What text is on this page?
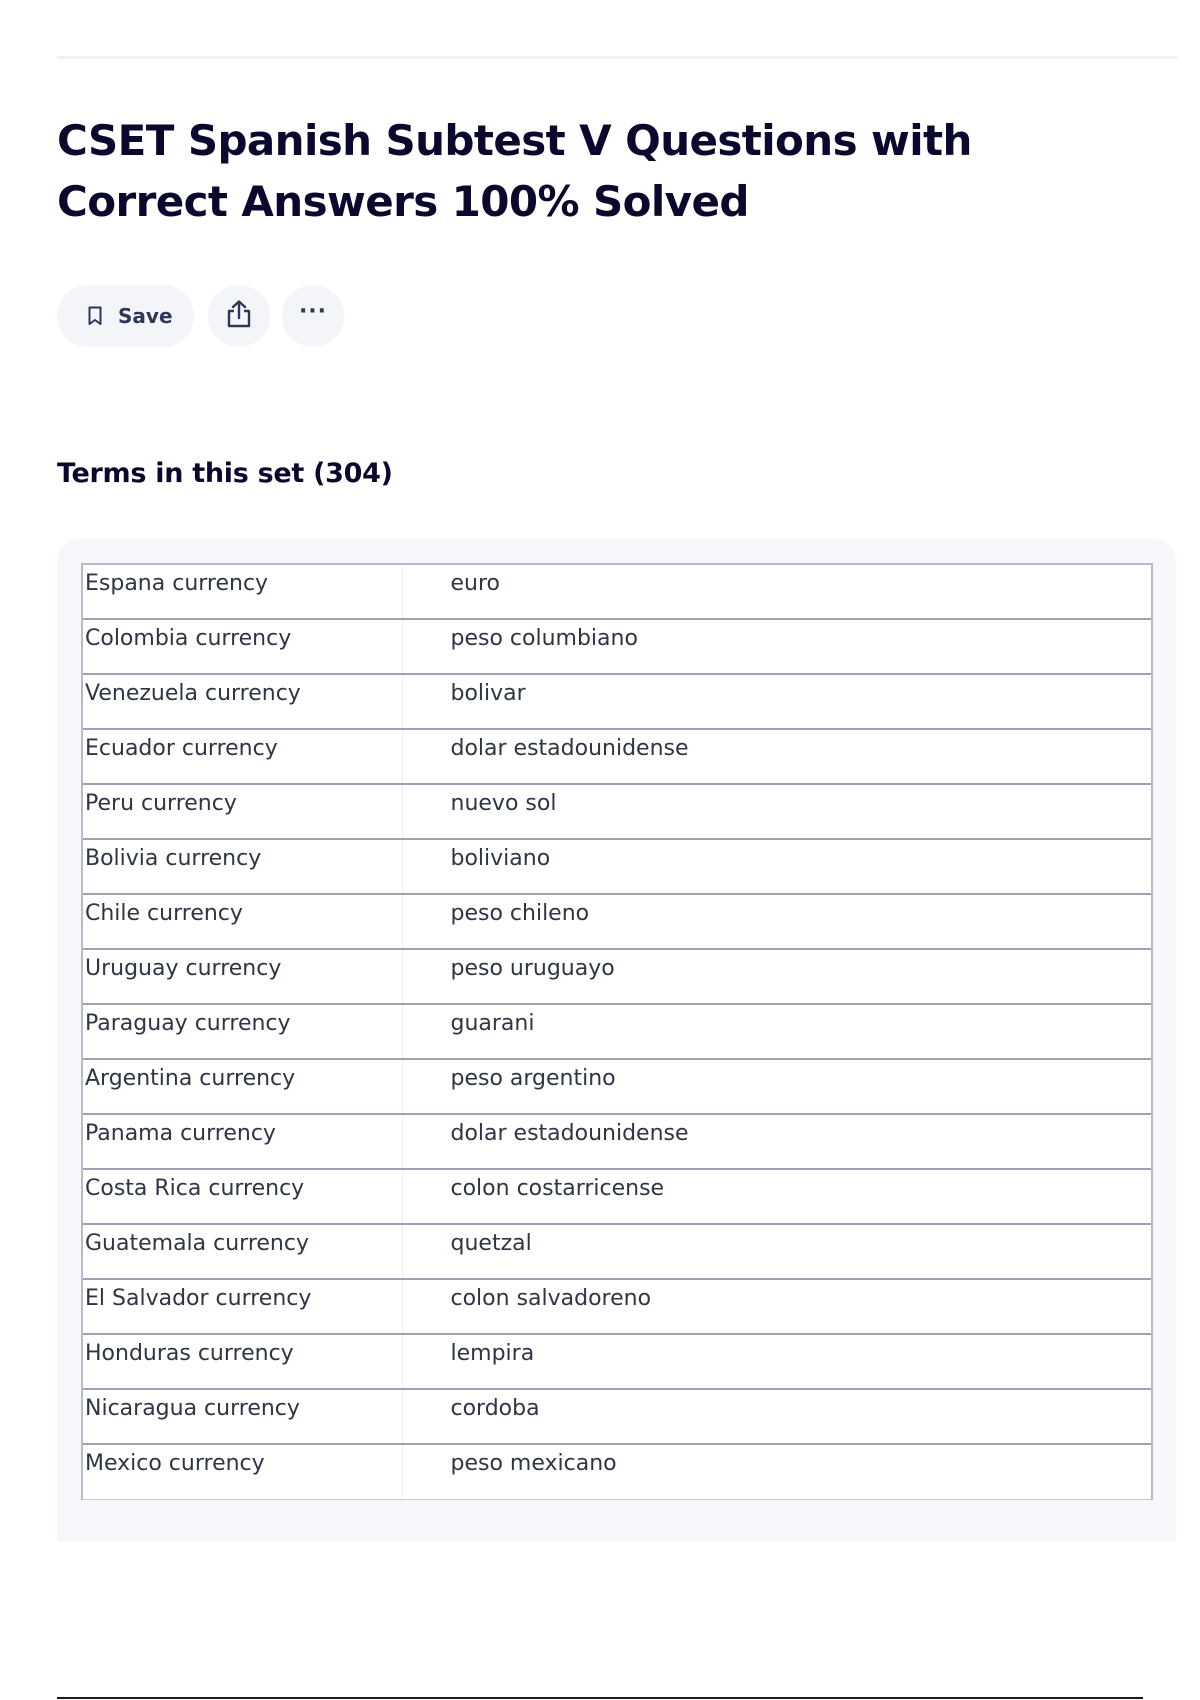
CSET Spanish Subtest V Questions with Correct Answers 100% Solved
Save	···
Terms in this set (304)
Espana currency	euro
Colombia currency	peso columbiano
Venezuela currency	bolivar
Ecuador currency	dolar estadounidense
Peru currency	nuevo sol
Bolivia currency	boliviano
Chile currency	peso chileno
Uruguay currency	peso uruguayo
Paraguay currency	guarani
Argentina currency	peso argentino
Panama currency	dolar estadounidense
Costa Rica currency	colon costarricense
Guatemala currency	quetzal
El Salvador currency	colon salvadoreno
Honduras currency	lempira
Nicaragua currency	cordoba
Mexico currency	peso mexicano
